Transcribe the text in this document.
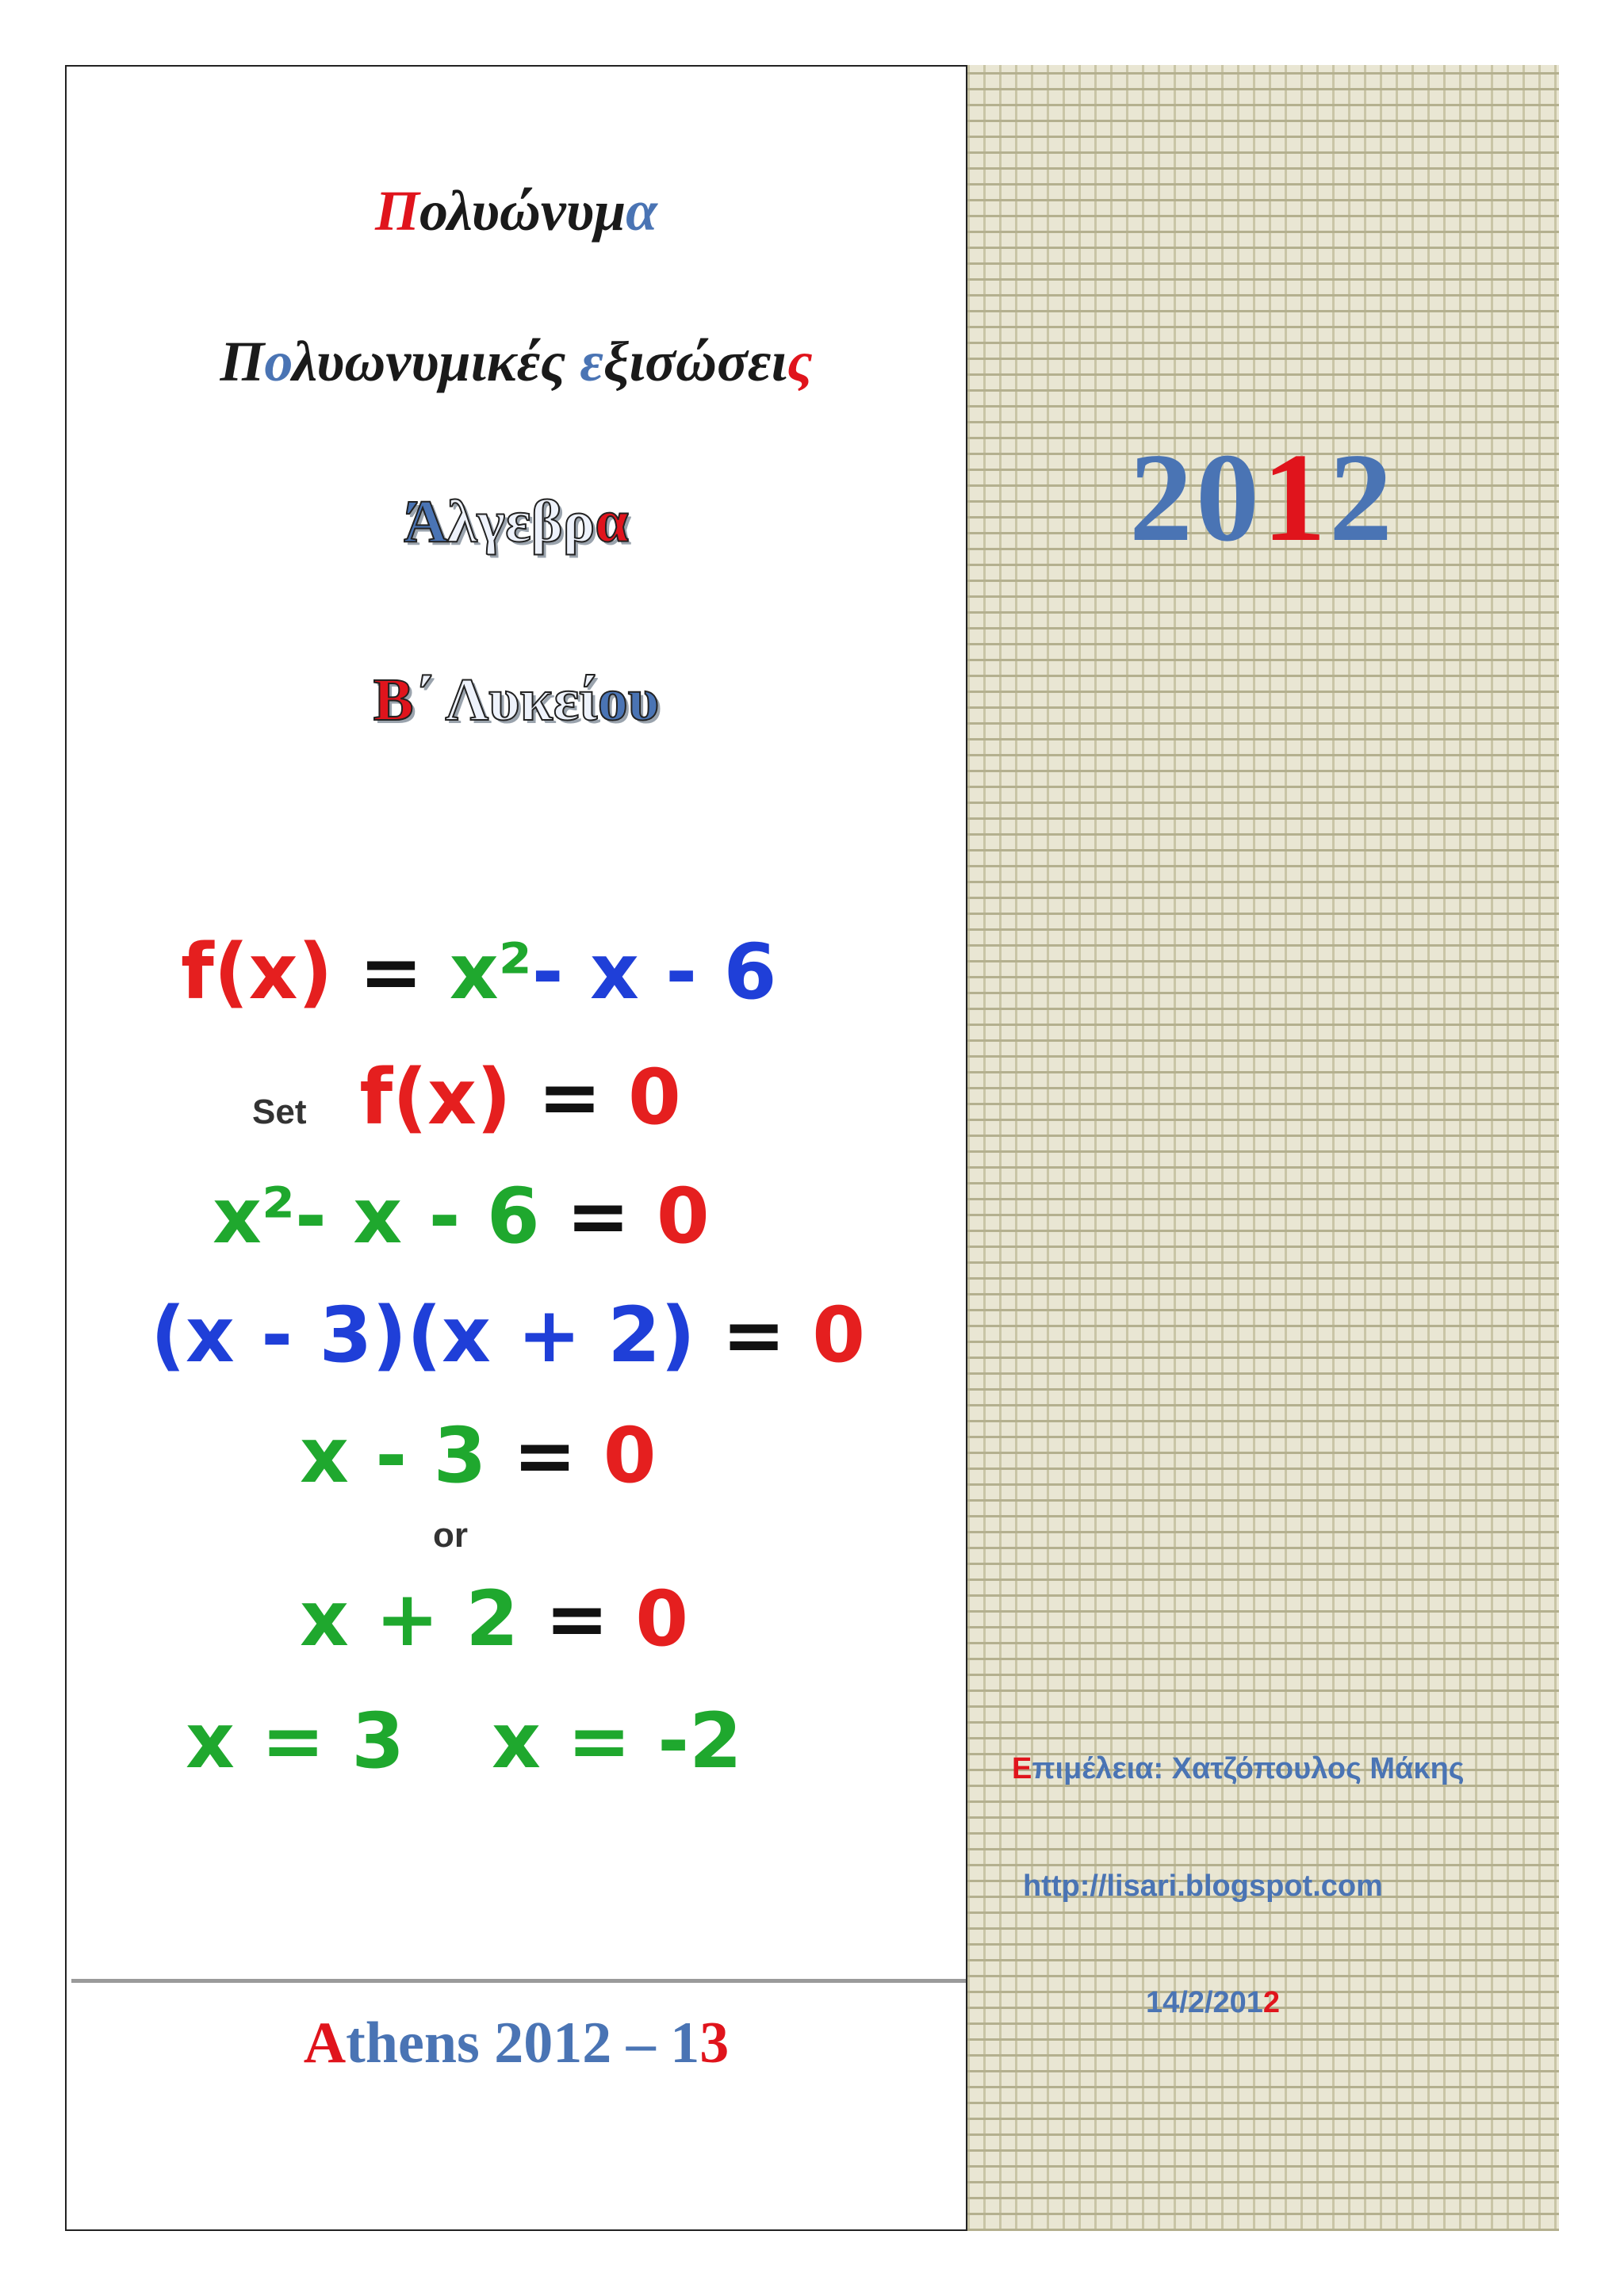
Πολυώνυμα
Πολυωνυμικές εξισώσεις
Άλγεβρα
Β΄ Λυκείου
2012
f(x) = x²- x - 6
Set f(x) = 0
x²- x - 6 = 0
(x - 3)(x + 2) = 0
x - 3 = 0
or
x + 2 = 0
x = 3 x = -2	Επιμέλεια: Χατζόπουλος Μάκης
http://lisari.blogspot.com
14/2/2012
Athens 2012 – 13
